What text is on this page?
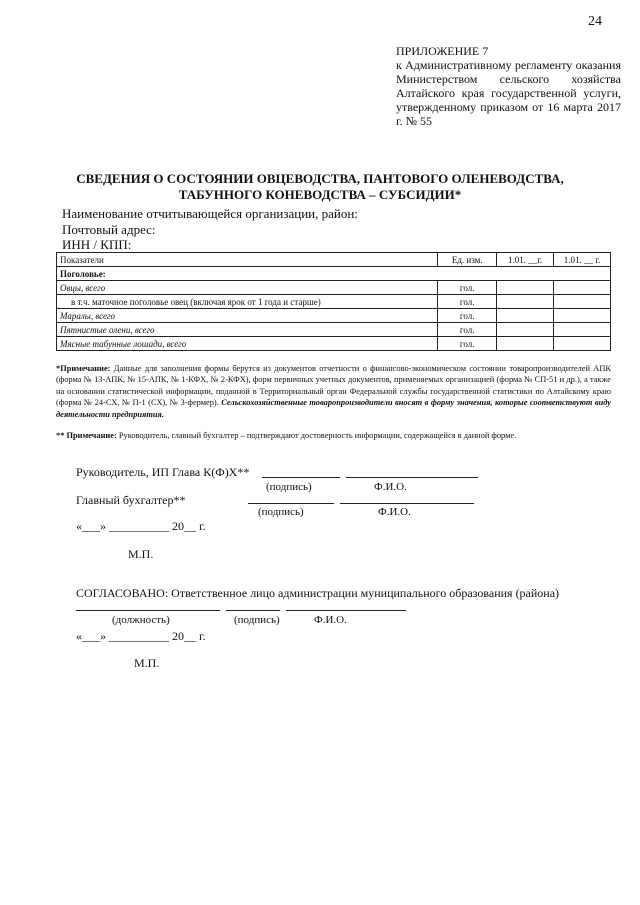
24
ПРИЛОЖЕНИЕ 7
к Административному регламенту оказания Министерством сельского хозяйства Алтайского края государственной услуги, утвержденному приказом от 16 марта 2017 г. № 55
СВЕДЕНИЯ О СОСТОЯНИИ ОВЦЕВОДСТВА, ПАНТОВОГО ОЛЕНЕВОДСТВА,
ТАБУННОГО КОНЕВОДСТВА – СУБСИДИИ*
Наименование отчитывающейся организации, район:
Почтовый адрес:
ИНН / КПП:
Показатели	Ед. изм.	1.01. __г.	1.01. __ г.
Поголовье:			
Овцы, всего	гол.		
в т.ч. маточное поголовье овец (включая ярок от 1 года и старше)	гол.		
Маралы, всего	гол.		
Пятнистые олени, всего	гол.		
Мясные табунные лошади, всего	гол.		
*Примечание: Данные для заполнения формы берутся из документов отчетности о финансово-экономическом состоянии товаропроизводителей АПК (форма № 13-АПК, № 15-АПК, № 1-КФХ, № 2-КФХ), форм первичных учетных документов, применяемых организацией (форма № СП-51 и др.), а также на основании статистической информации, поданной в Территориальный орган Федеральной службы государственной статистики по Алтайскому краю (форма № 24-СХ, № П-1 (СХ), № 3-фермер). Сельскохозяйственные товаропроизводители вносят в форму значения, которые соответствуют виду деятельности предприятия.
** Примечание: Руководитель, главный бухгалтер – подтверждают достоверность информации, содержащейся в данной форме.
Руководитель, ИП Глава К(Ф)Х**
(подпись)	Ф.И.О.
Главный бухгалтер**
(подпись)	Ф.И.О.
«___» __________ 20__ г.
М.П.
СОГЛАСОВАНО: Ответственное лицо администрации муниципального образования (района)
(должность)	(подпись)	Ф.И.О.
«___» __________ 20__ г.
М.П.
